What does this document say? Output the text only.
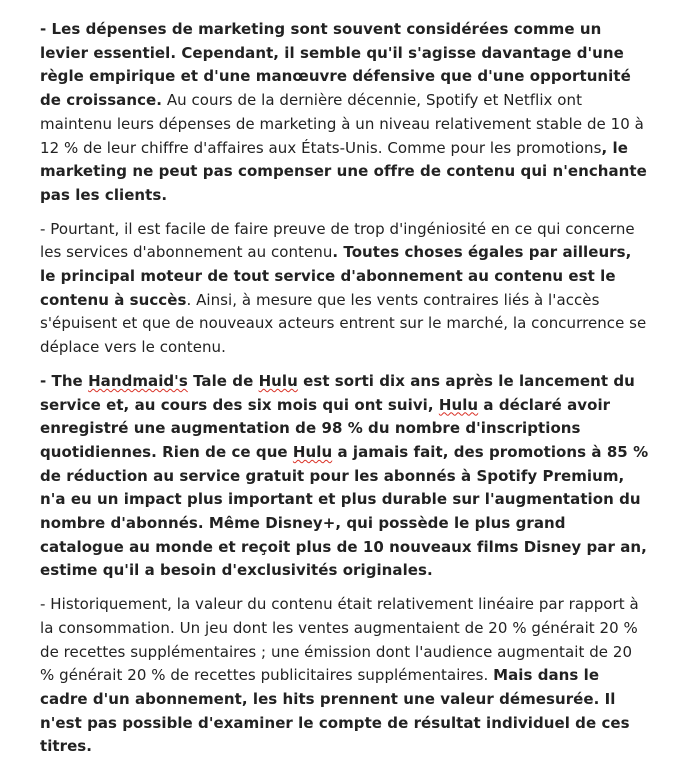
- Les dépenses de marketing sont souvent considérées comme un levier essentiel. Cependant, il semble qu'il s'agisse davantage d'une règle empirique et d'une manœuvre défensive que d'une opportunité de croissance. Au cours de la dernière décennie, Spotify et Netflix ont maintenu leurs dépenses de marketing à un niveau relativement stable de 10 à 12 % de leur chiffre d'affaires aux États-Unis. Comme pour les promotions, le marketing ne peut pas compenser une offre de contenu qui n'enchante pas les clients.

- Pourtant, il est facile de faire preuve de trop d'ingéniosité en ce qui concerne les services d'abonnement au contenu. Toutes choses égales par ailleurs, le principal moteur de tout service d'abonnement au contenu est le contenu à succès. Ainsi, à mesure que les vents contraires liés à l'accès s'épuisent et que de nouveaux acteurs entrent sur le marché, la concurrence se déplace vers le contenu.

- The Handmaid's Tale de Hulu est sorti dix ans après le lancement du service et, au cours des six mois qui ont suivi, Hulu a déclaré avoir enregistré une augmentation de 98 % du nombre d'inscriptions quotidiennes. Rien de ce que Hulu a jamais fait, des promotions à 85 % de réduction au service gratuit pour les abonnés à Spotify Premium, n'a eu un impact plus important et plus durable sur l'augmentation du nombre d'abonnés. Même Disney+, qui possède le plus grand catalogue au monde et reçoit plus de 10 nouveaux films Disney par an, estime qu'il a besoin d'exclusivités originales.

- Historiquement, la valeur du contenu était relativement linéaire par rapport à la consommation. Un jeu dont les ventes augmentaient de 20 % générait 20 % de recettes supplémentaires ; une émission dont l'audience augmentait de 20 % générait 20 % de recettes publicitaires supplémentaires. Mais dans le cadre d'un abonnement, les hits prennent une valeur démesurée. Il n'est pas possible d'examiner le compte de résultat individuel de ces titres.
